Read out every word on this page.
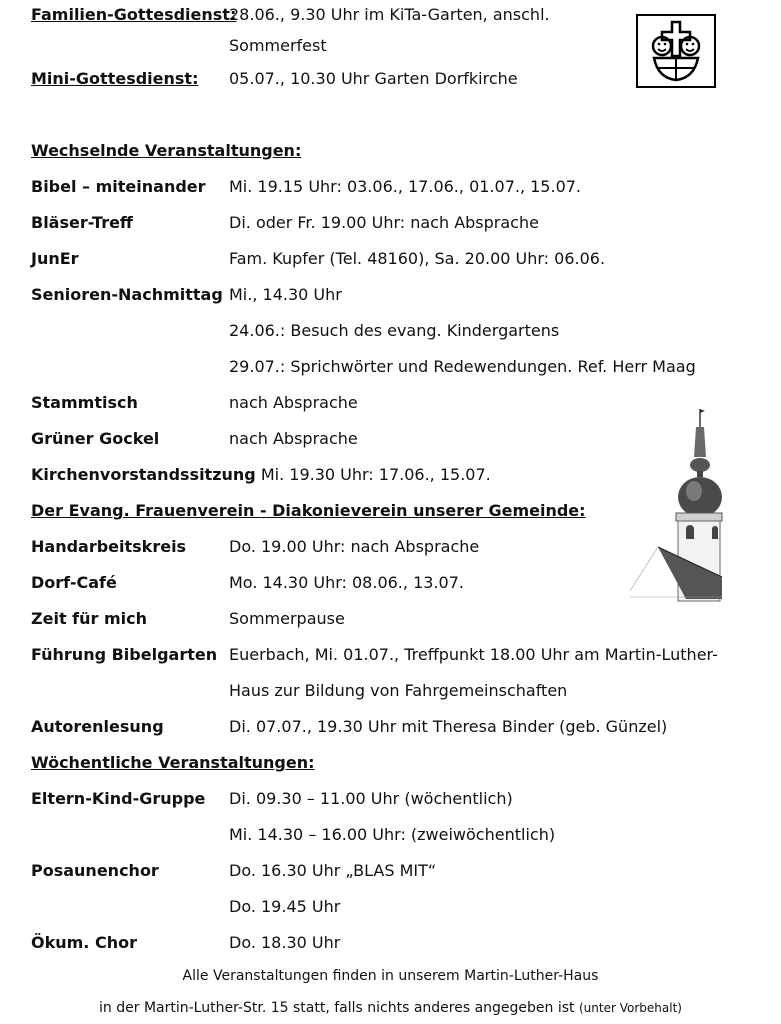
Familien-Gottesdienst:
28.06., 9.30 Uhr im KiTa-Garten, anschl.
Sommerfest
Mini-Gottesdienst: 05.07., 10.30 Uhr Garten Dorfkirche
Wechselnde Veranstaltungen:
Bibel – miteinander Mi. 19.15 Uhr: 03.06., 17.06., 01.07., 15.07.
Bläser-Treff	Di. oder Fr. 19.00 Uhr: nach Absprache
JunEr	Fam. Kupfer (Tel. 48160), Sa. 20.00 Uhr: 06.06.
Senioren-Nachmittag Mi., 14.30 Uhr
24.06.: Besuch des evang. Kindergartens
29.07.: Sprichwörter und Redewendungen. Ref. Herr Maag
Stammtisch	nach Absprache
Grüner Gockel	nach Absprache
Kirchenvorstandssitzung Mi. 19.30 Uhr: 17.06., 15.07.
Der Evang. Frauenverein - Diakonieverein unserer Gemeinde:
Handarbeitskreis	Do. 19.00 Uhr: nach Absprache
Dorf-Café	Mo. 14.30 Uhr: 08.06., 13.07.
Zeit für mich	Sommerpause
Führung Bibelgarten Euerbach, Mi. 01.07., Treffpunkt 18.00 Uhr am Martin-Luther-
Haus zur Bildung von Fahrgemeinschaften
Autorenlesung	Di. 07.07., 19.30 Uhr mit Theresa Binder (geb. Günzel)
Wöchentliche Veranstaltungen:
Eltern-Kind-Gruppe Di. 09.30 – 11.00 Uhr (wöchentlich)
Mi. 14.30 – 16.00 Uhr: (zweiwöchentlich)
Posaunenchor	Do. 16.30 Uhr „BLAS MIT“
Do. 19.45 Uhr
Ökum. Chor	Do. 18.30 Uhr
Alle Veranstaltungen finden in unserem Martin-Luther-Haus
in der Martin-Luther-Str. 15 statt, falls nichts anderes angegeben ist (unter Vorbehalt)
